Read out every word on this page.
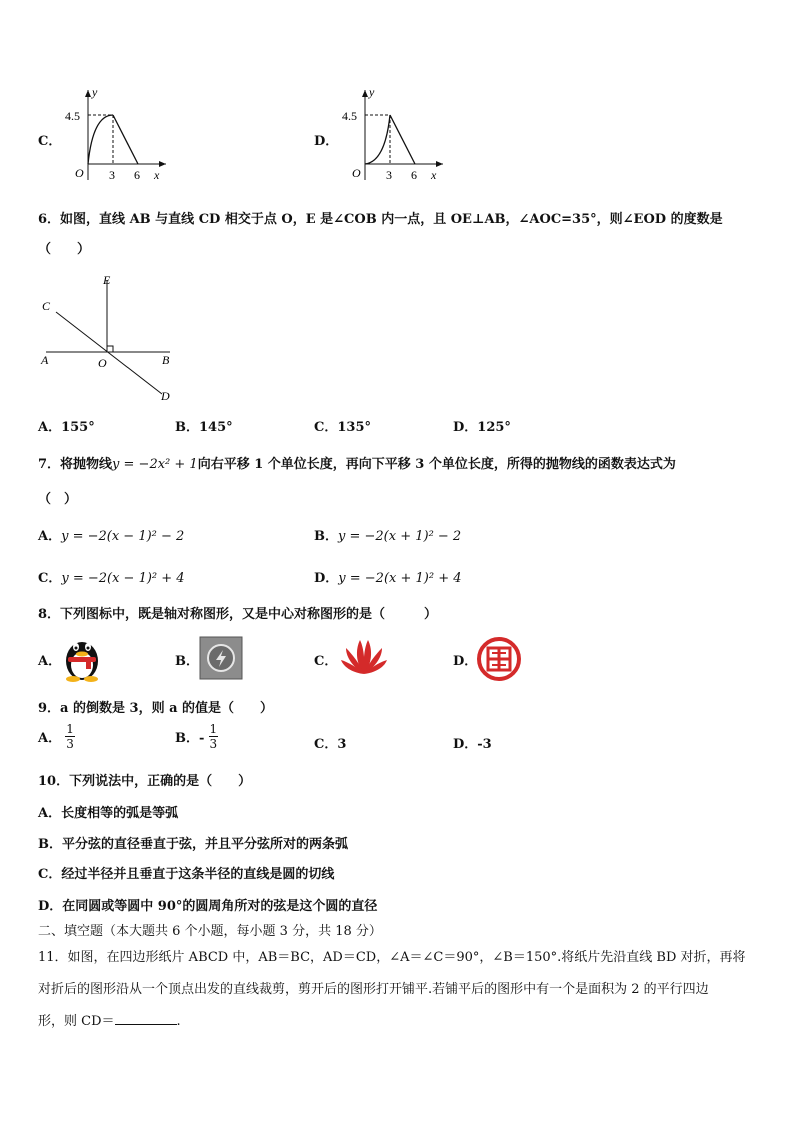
C．
y
4.5
O 3 6 x
D．
y
4.5
O 3 6 x
6．如图，直线 AB 与直线 CD 相交于点 O，E 是∠COB 内一点，且 OE⊥AB，∠AOC=35°，则∠EOD 的度数是
（　　）
E
C
A	O	B
D
A．155°	B．145°	C．135°	D．125°
7．将抛物线y = −2x² + 1向右平移 1 个单位长度，再向下平移 3 个单位长度，所得的抛物线的函数表达式为
（　）
A．y = −2(x − 1)² − 2	B．y = −2(x + 1)² − 2
C．y = −2(x − 1)² + 4	D．y = −2(x + 1)² + 4
8．下列图标中，既是轴对称图形，又是中心对称图形的是（　　　）
A．	B．	C．	D．
9．a 的倒数是 3，则 a 的值是（　　）
A． $\frac{1}{3}$	B．- $\frac{1}{3}$	C．3	D．-3
10．下列说法中，正确的是（　　）
A．长度相等的弧是等弧
B．平分弦的直径垂直于弦，并且平分弦所对的两条弧
C．经过半径并且垂直于这条半径的直线是圆的切线
D．在同圆或等圆中 90°的圆周角所对的弦是这个圆的直径
二、填空题（本大题共 6 个小题，每小题 3 分，共 18 分）
11．如图，在四边形纸片 ABCD 中，AB＝BC，AD＝CD，∠A＝∠C＝90°，∠B＝150°.将纸片先沿直线 BD 对折，再将
对折后的图形沿从一个顶点出发的直线裁剪，剪开后的图形打开铺平.若铺平后的图形中有一个是面积为 2 的平行四边
形，则 CD＝	.
